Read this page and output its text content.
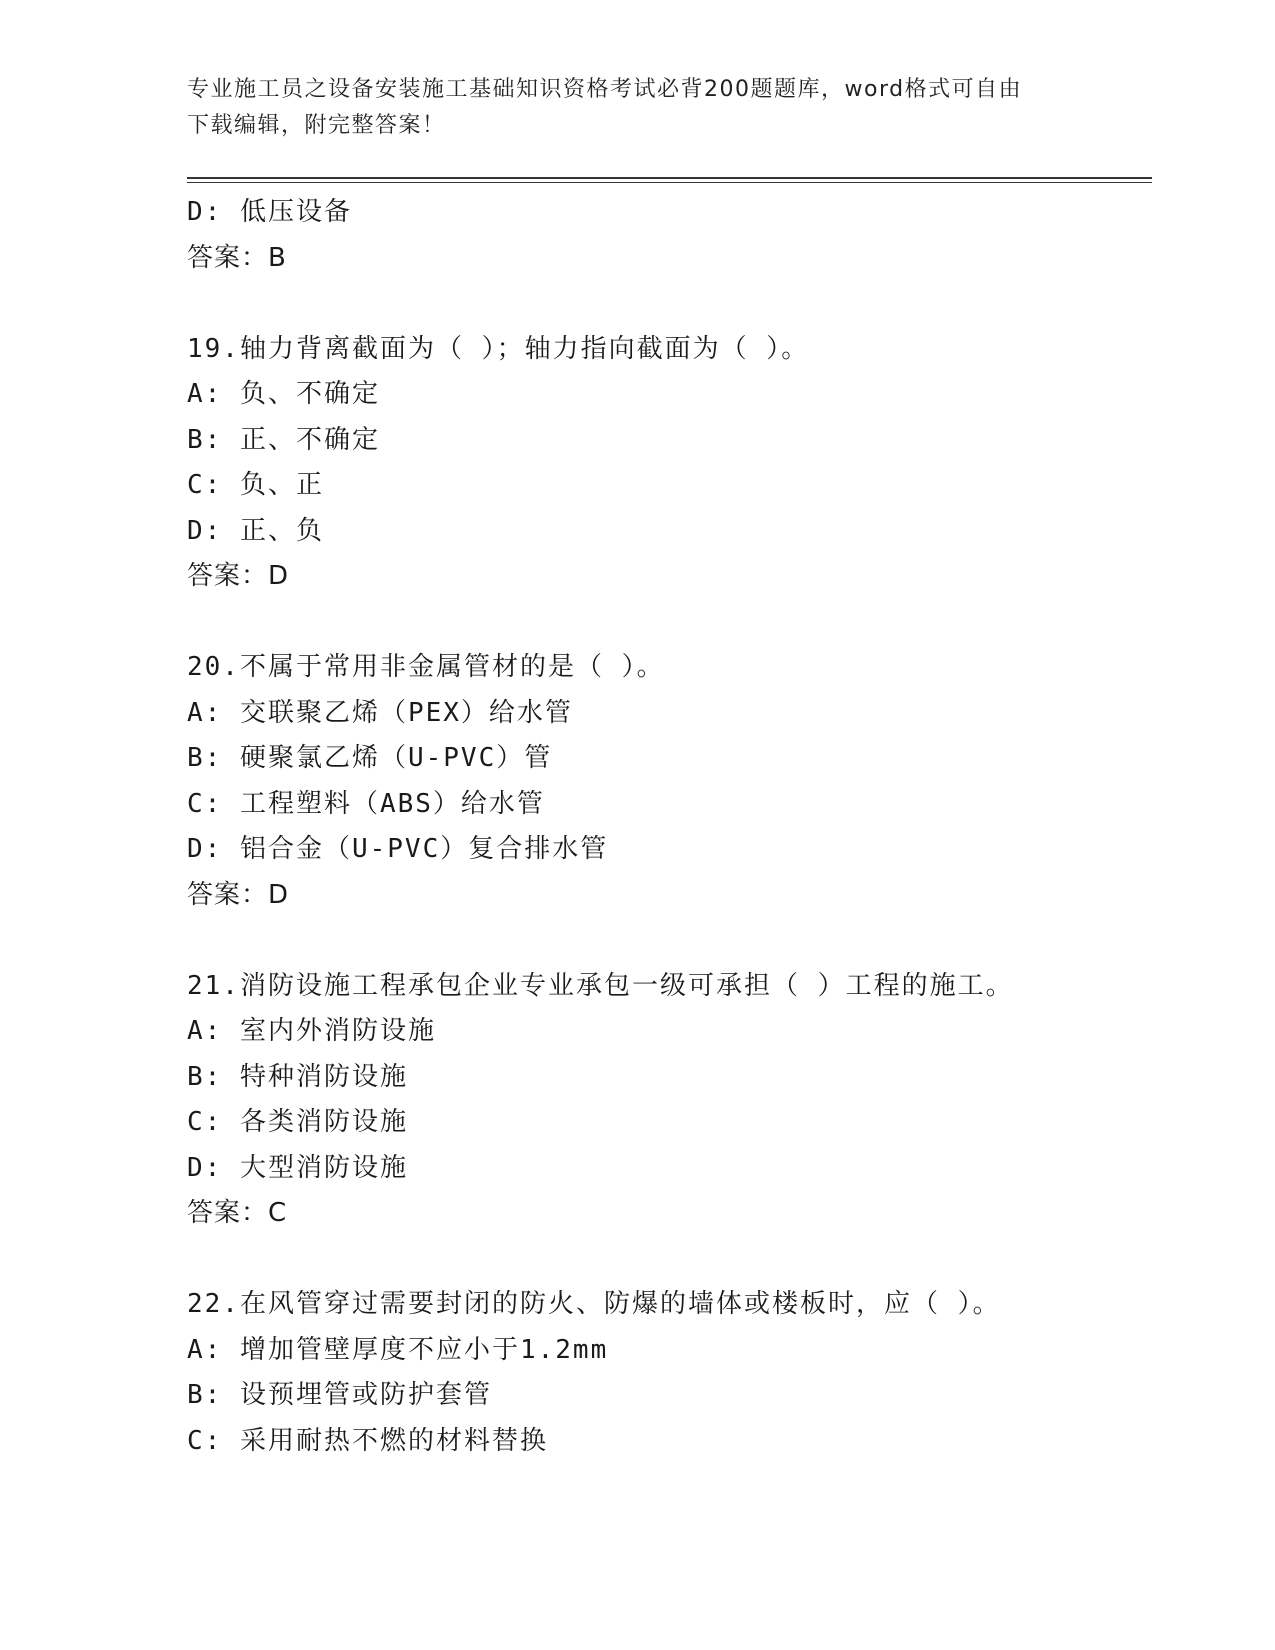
专业施工员之设备安装施工基础知识资格考试必背200题题库，word格式可自由
下载编辑，附完整答案！
D: 低压设备
答案：B
19.轴力背离截面为（ ）；轴力指向截面为（ ）。
A: 负、不确定
B: 正、不确定
C: 负、正
D: 正、负
答案：D
20.不属于常用非金属管材的是（ ）。
A: 交联聚乙烯（PEX）给水管
B: 硬聚氯乙烯（U-PVC）管
C: 工程塑料（ABS）给水管
D: 铝合金（U-PVC）复合排水管
答案：D
21.消防设施工程承包企业专业承包一级可承担（ ）工程的施工。
A: 室内外消防设施
B: 特种消防设施
C: 各类消防设施
D: 大型消防设施
答案：C
22.在风管穿过需要封闭的防火、防爆的墙体或楼板时，应（ ）。
A: 增加管壁厚度不应小于1.2mm
B: 设预埋管或防护套管
C: 采用耐热不燃的材料替换
